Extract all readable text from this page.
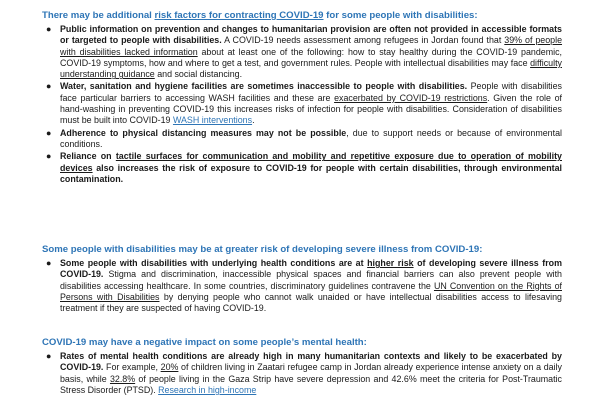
There may be additional risk factors for contracting COVID-19 for some people with disabilities:

● Public information on prevention and changes to humanitarian provision are often not provided in accessible formats or targeted to people with disabilities. A COVID-19 needs assessment among refugees in Jordan found that 39% of people with disabilities lacked information about at least one of the following: how to stay healthy during the COVID-19 pandemic, COVID-19 symptoms, how and where to get a test, and government rules. People with intellectual disabilities may face difficulty understanding guidance and social distancing.
● Water, sanitation and hygiene facilities are sometimes inaccessible to people with disabilities. People with disabilities face particular barriers to accessing WASH facilities and these are exacerbated by COVID-19 restrictions. Given the role of hand-washing in preventing COVID-19 this increases risks of infection for people with disabilities. Consideration of disabilities must be built into COVID-19 WASH interventions.
● Adherence to physical distancing measures may not be possible, due to support needs or because of environmental conditions.
● Reliance on tactile surfaces for communication and mobility and repetitive exposure due to operation of mobility devices also increases the risk of exposure to COVID-19 for people with certain disabilities, through environmental contamination.

Some people with disabilities may be at greater risk of developing severe illness from COVID-19:

● Some people with disabilities with underlying health conditions are at higher risk of developing severe illness from COVID-19. Stigma and discrimination, inaccessible physical spaces and financial barriers can also prevent people with disabilities accessing healthcare. In some countries, discriminatory guidelines contravene the UN Convention on the Rights of Persons with Disabilities by denying people who cannot walk unaided or have intellectual disabilities access to lifesaving treatment if they are suspected of having COVID-19.

COVID-19 may have a negative impact on some people’s mental health:

● Rates of mental health conditions are already high in many humanitarian contexts and likely to be exacerbated by COVID-19. For example, 20% of children living in Zaatari refugee camp in Jordan already experience intense anxiety on a daily basis, while 32.8% of people living in the Gaza Strip have severe depression and 42.6% meet the criteria for Post-Traumatic Stress Disorder (PTSD). Research in high-income
